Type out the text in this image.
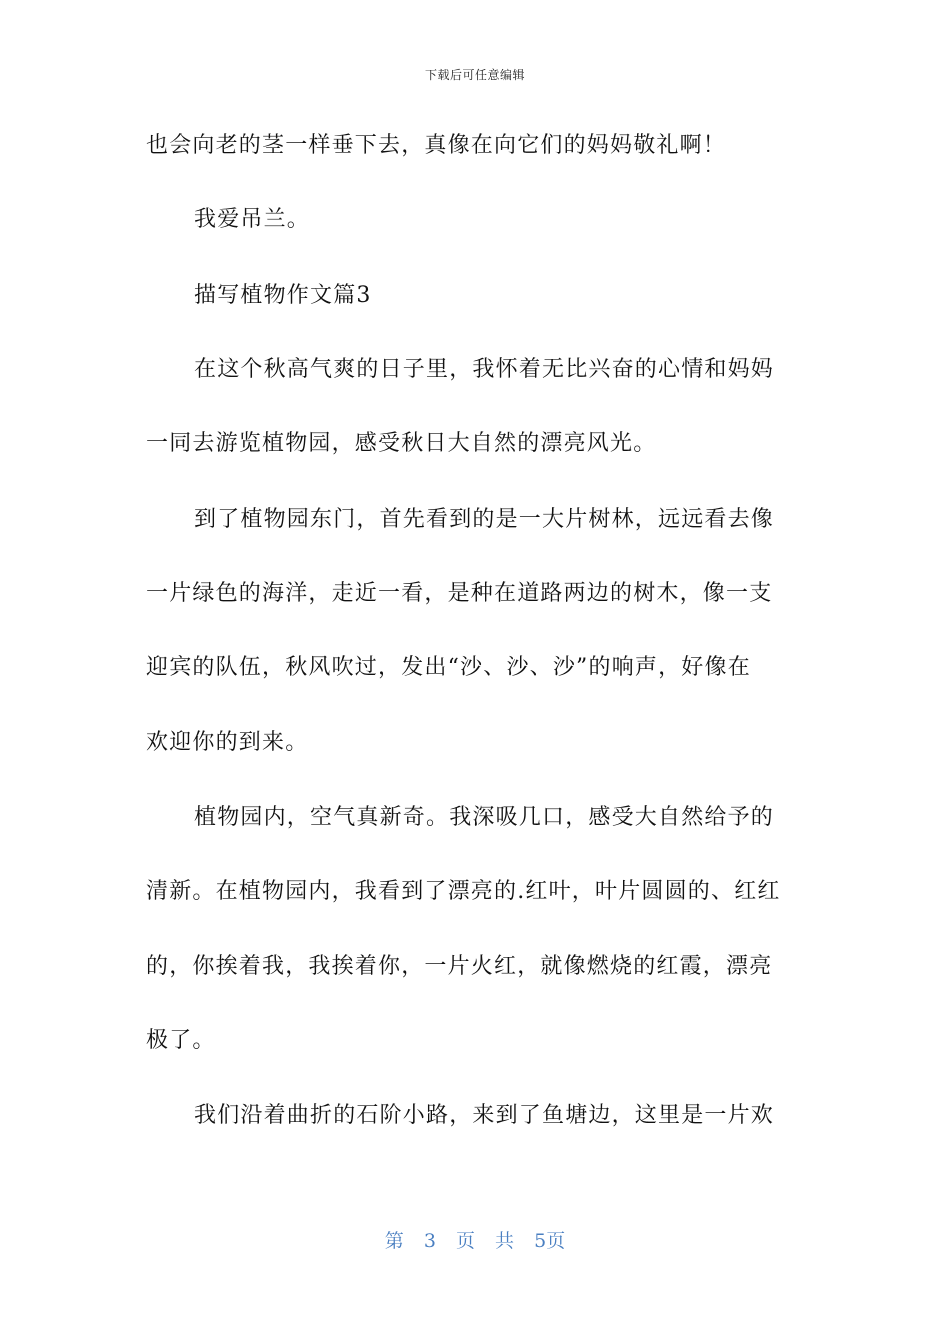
下载后可任意编辑
也会向老的茎一样垂下去，真像在向它们的妈妈敬礼啊！
我爱吊兰。
描写植物作文篇3
在这个秋高气爽的日子里，我怀着无比兴奋的心情和妈妈
一同去游览植物园，感受秋日大自然的漂亮风光。
到了植物园东门，首先看到的是一大片树林，远远看去像
一片绿色的海洋，走近一看，是种在道路两边的树木，像一支
迎宾的队伍，秋风吹过，发出“沙、沙、沙”的响声，好像在
欢迎你的到来。
植物园内，空气真新奇。我深吸几口，感受大自然给予的
清新。在植物园内，我看到了漂亮的.红叶，叶片圆圆的、红红
的，你挨着我，我挨着你，一片火红，就像燃烧的红霞，漂亮
极了。
我们沿着曲折的石阶小路，来到了鱼塘边，这里是一片欢
第 3 页 共 5页
